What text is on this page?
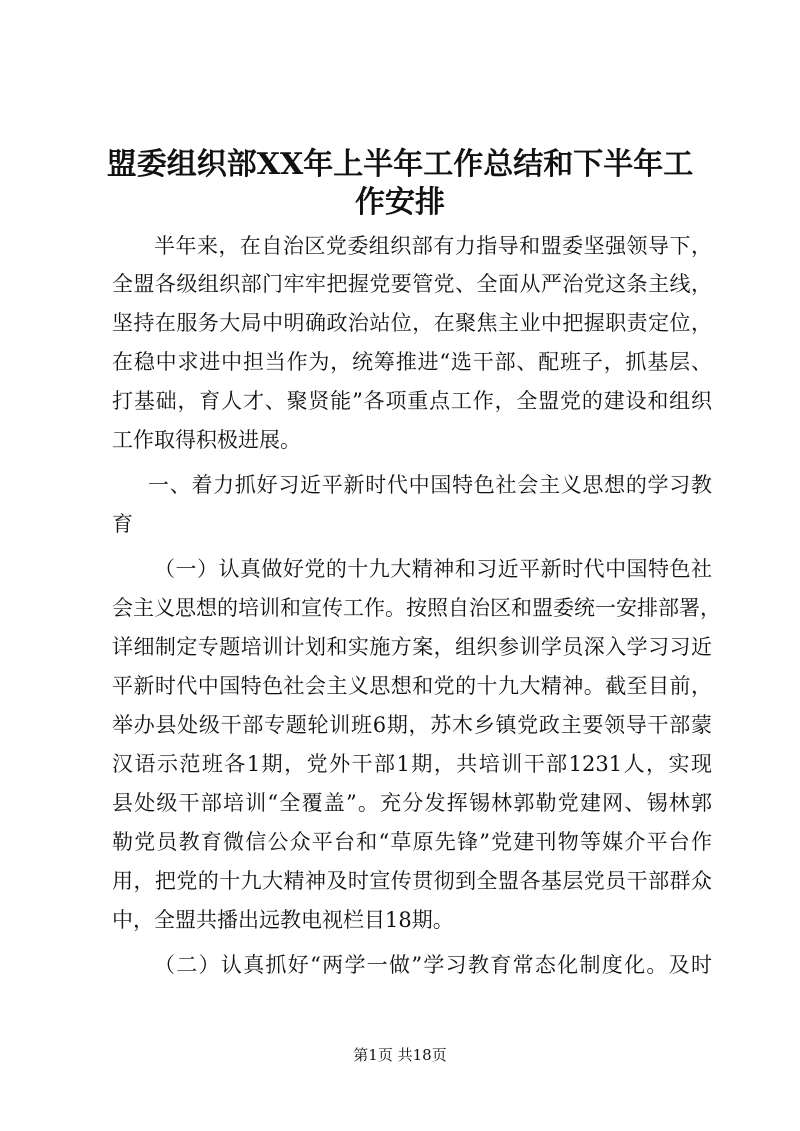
盟委组织部XX年上半年工作总结和下半年工
作安排
半年来，在自治区党委组织部有力指导和盟委坚强领导下，
全盟各级组织部门牢牢把握党要管党、全面从严治党这条主线，
坚持在服务大局中明确政治站位，在聚焦主业中把握职责定位，
在稳中求进中担当作为，统筹推进“选干部、配班子，抓基层、
打基础，育人才、聚贤能”各项重点工作，全盟党的建设和组织
工作取得积极进展。
一、着力抓好习近平新时代中国特色社会主义思想的学习教
育
（一）认真做好党的十九大精神和习近平新时代中国特色社
会主义思想的培训和宣传工作。按照自治区和盟委统一安排部署，
详细制定专题培训计划和实施方案，组织参训学员深入学习习近
平新时代中国特色社会主义思想和党的十九大精神。截至目前，
举办县处级干部专题轮训班6期，苏木乡镇党政主要领导干部蒙
汉语示范班各1期，党外干部1期，共培训干部1231人，实现
县处级干部培训“全覆盖”。充分发挥锡林郭勒党建网、锡林郭
勒党员教育微信公众平台和“草原先锋”党建刊物等媒介平台作
用，把党的十九大精神及时宣传贯彻到全盟各基层党员干部群众
中，全盟共播出远教电视栏目18期。
（二）认真抓好“两学一做”学习教育常态化制度化。及时
第1页 共18页
